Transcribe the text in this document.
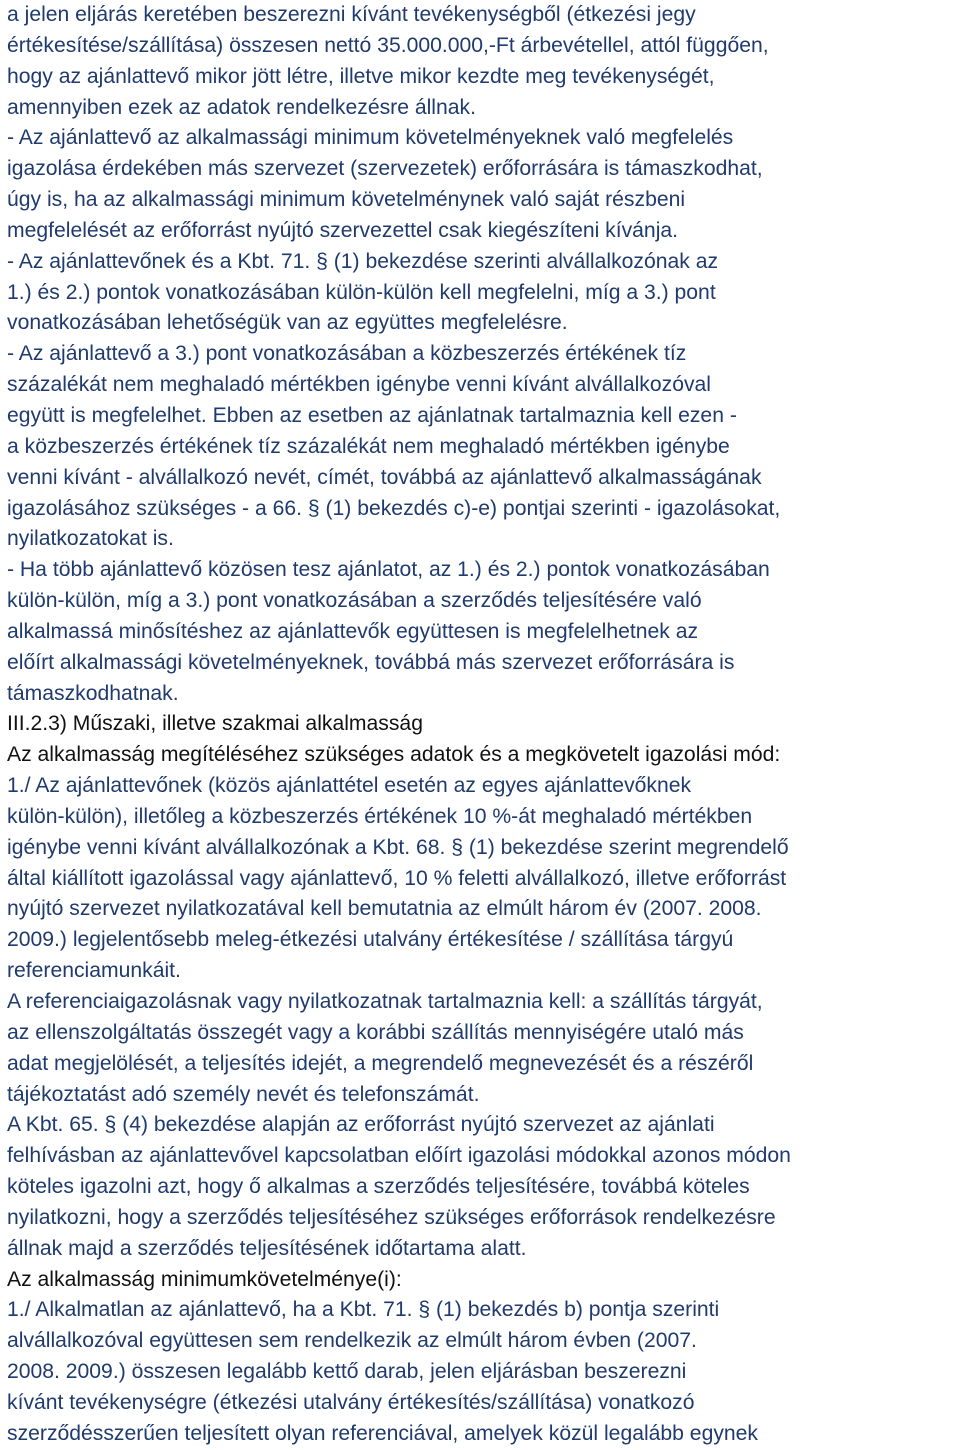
a jelen eljárás keretében beszerezni kívánt tevékenységből (étkezési jegy
értékesítése/szállítása) összesen nettó 35.000.000,-Ft árbevétellel, attól függően,
hogy az ajánlattevő mikor jött létre, illetve mikor kezdte meg tevékenységét,
amennyiben ezek az adatok rendelkezésre állnak.
- Az ajánlattevő az alkalmassági minimum követelményeknek való megfelelés
igazolása érdekében más szervezet (szervezetek) erőforrására is támaszkodhat,
úgy is, ha az alkalmassági minimum követelménynek való saját részbeni
megfelelését az erőforrást nyújtó szervezettel csak kiegészíteni kívánja.
- Az ajánlattevőnek és a Kbt. 71. § (1) bekezdése szerinti alvállalkozónak az
1.) és 2.) pontok vonatkozásában külön-külön kell megfelelni, míg a 3.) pont
vonatkozásában lehetőségük van az együttes megfelelésre.
- Az ajánlattevő a 3.) pont vonatkozásában a közbeszerzés értékének tíz
százalékát nem meghaladó mértékben igénybe venni kívánt alvállalkozóval
együtt is megfelelhet. Ebben az esetben az ajánlatnak tartalmaznia kell ezen -
a közbeszerzés értékének tíz százalékát nem meghaladó mértékben igénybe
venni kívánt - alvállalkozó nevét, címét, továbbá az ajánlattevő alkalmasságának
igazolásához szükséges - a 66. § (1) bekezdés c)-e) pontjai szerinti - igazolásokat,
nyilatkozatokat is.
- Ha több ajánlattevő közösen tesz ajánlatot, az 1.) és 2.) pontok vonatkozásában
külön-külön, míg a 3.) pont vonatkozásában a szerződés teljesítésére való
alkalmassá minősítéshez az ajánlattevők együttesen is megfelelhetnek az
előírt alkalmassági követelményeknek, továbbá más szervezet erőforrására is
támaszkodhatnak.
III.2.3) Műszaki, illetve szakmai alkalmasság
Az alkalmasság megítéléséhez szükséges adatok és a megkövetelt igazolási mód:
1./ Az ajánlattevőnek (közös ajánlattétel esetén az egyes ajánlattevőknek
külön-külön), illetőleg a közbeszerzés értékének 10 %-át meghaladó mértékben
igénybe venni kívánt alvállalkozónak a Kbt. 68. § (1) bekezdése szerint megrendelő
által kiállított igazolással vagy ajánlattevő, 10 % feletti alvállalkozó, illetve erőforrást
nyújtó szervezet nyilatkozatával kell bemutatnia az elmúlt három év (2007. 2008.
2009.) legjelentősebb meleg-étkezési utalvány értékesítése / szállítása tárgyú
referenciamunkáit.
A referenciaigazolásnak vagy nyilatkozatnak tartalmaznia kell: a szállítás tárgyát,
az ellenszolgáltatás összegét vagy a korábbi szállítás mennyiségére utaló más
adat megjelölését, a teljesítés idejét, a megrendelő megnevezését és a részéről
tájékoztatást adó személy nevét és telefonszámát.
A Kbt. 65. § (4) bekezdése alapján az erőforrást nyújtó szervezet az ajánlati
felhívásban az ajánlattevővel kapcsolatban előírt igazolási módokkal azonos módon
köteles igazolni azt, hogy ő alkalmas a szerződés teljesítésére, továbbá köteles
nyilatkozni, hogy a szerződés teljesítéséhez szükséges erőforrások rendelkezésre
állnak majd a szerződés teljesítésének időtartama alatt.
Az alkalmasság minimumkövetelménye(i):
1./ Alkalmatlan az ajánlattevő, ha a Kbt. 71. § (1) bekezdés b) pontja szerinti
alvállalkozóval együttesen sem rendelkezik az elmúlt három évben (2007.
2008. 2009.) összesen legalább kettő darab, jelen eljárásban beszerezni
kívánt tevékenységre (étkezési utalvány értékesítés/szállítása) vonatkozó
szerződésszerűen teljesített olyan referenciával, amelyek közül legalább egynek
